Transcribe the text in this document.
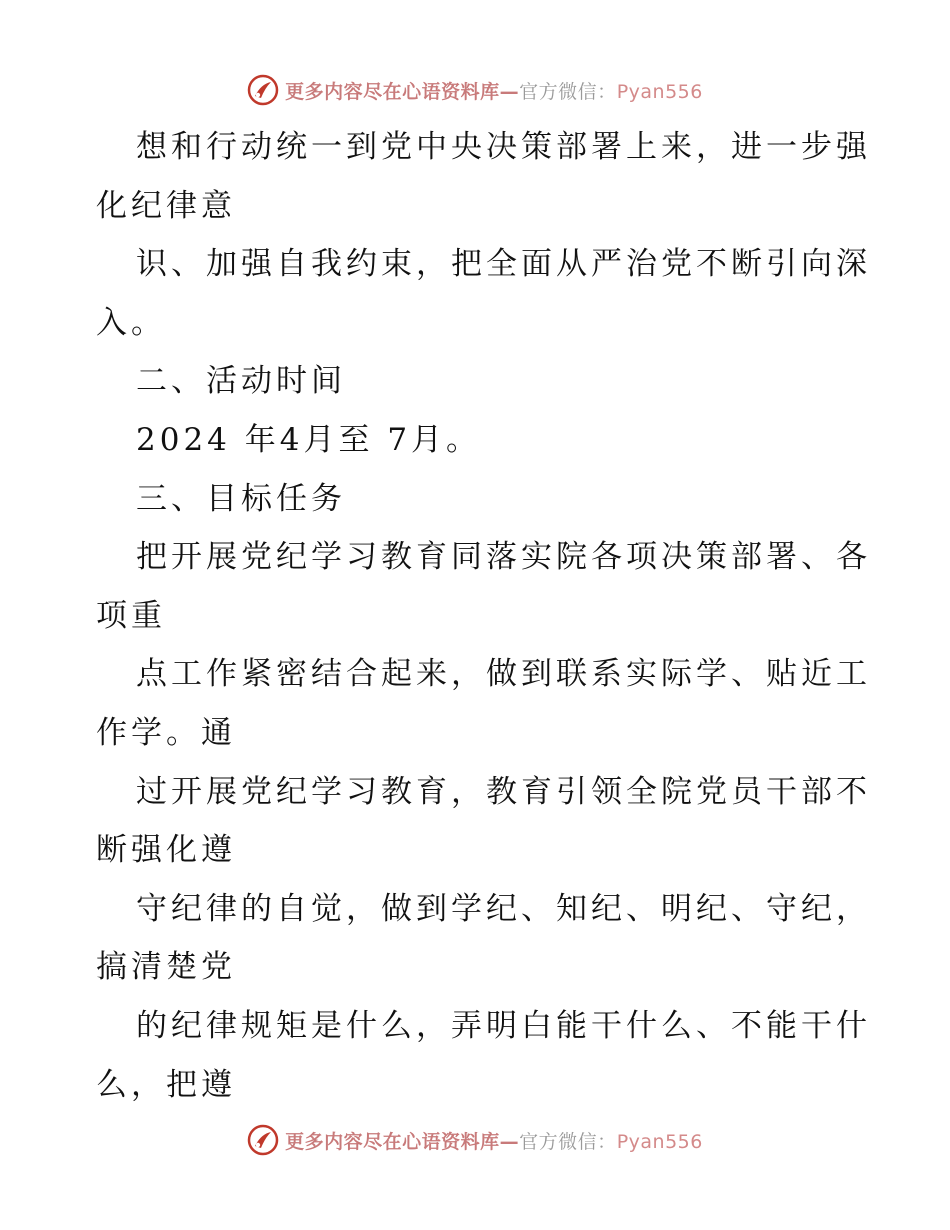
更多内容尽在心语资料库—官方微信：Pyan556
想和行动统一到党中央决策部署上来，进一步强
化纪律意
识、加强自我约束，把全面从严治党不断引向深
入。
二、活动时间
2024 年4月至 7月。
三、目标任务
把开展党纪学习教育同落实院各项决策部署、各
项重
点工作紧密结合起来，做到联系实际学、贴近工
作学。通
过开展党纪学习教育，教育引领全院党员干部不
断强化遵
守纪律的自觉，做到学纪、知纪、明纪、守纪，
搞清楚党
的纪律规矩是什么，弄明白能干什么、不能干什
么，把遵
更多内容尽在心语资料库—官方微信：Pyan556
